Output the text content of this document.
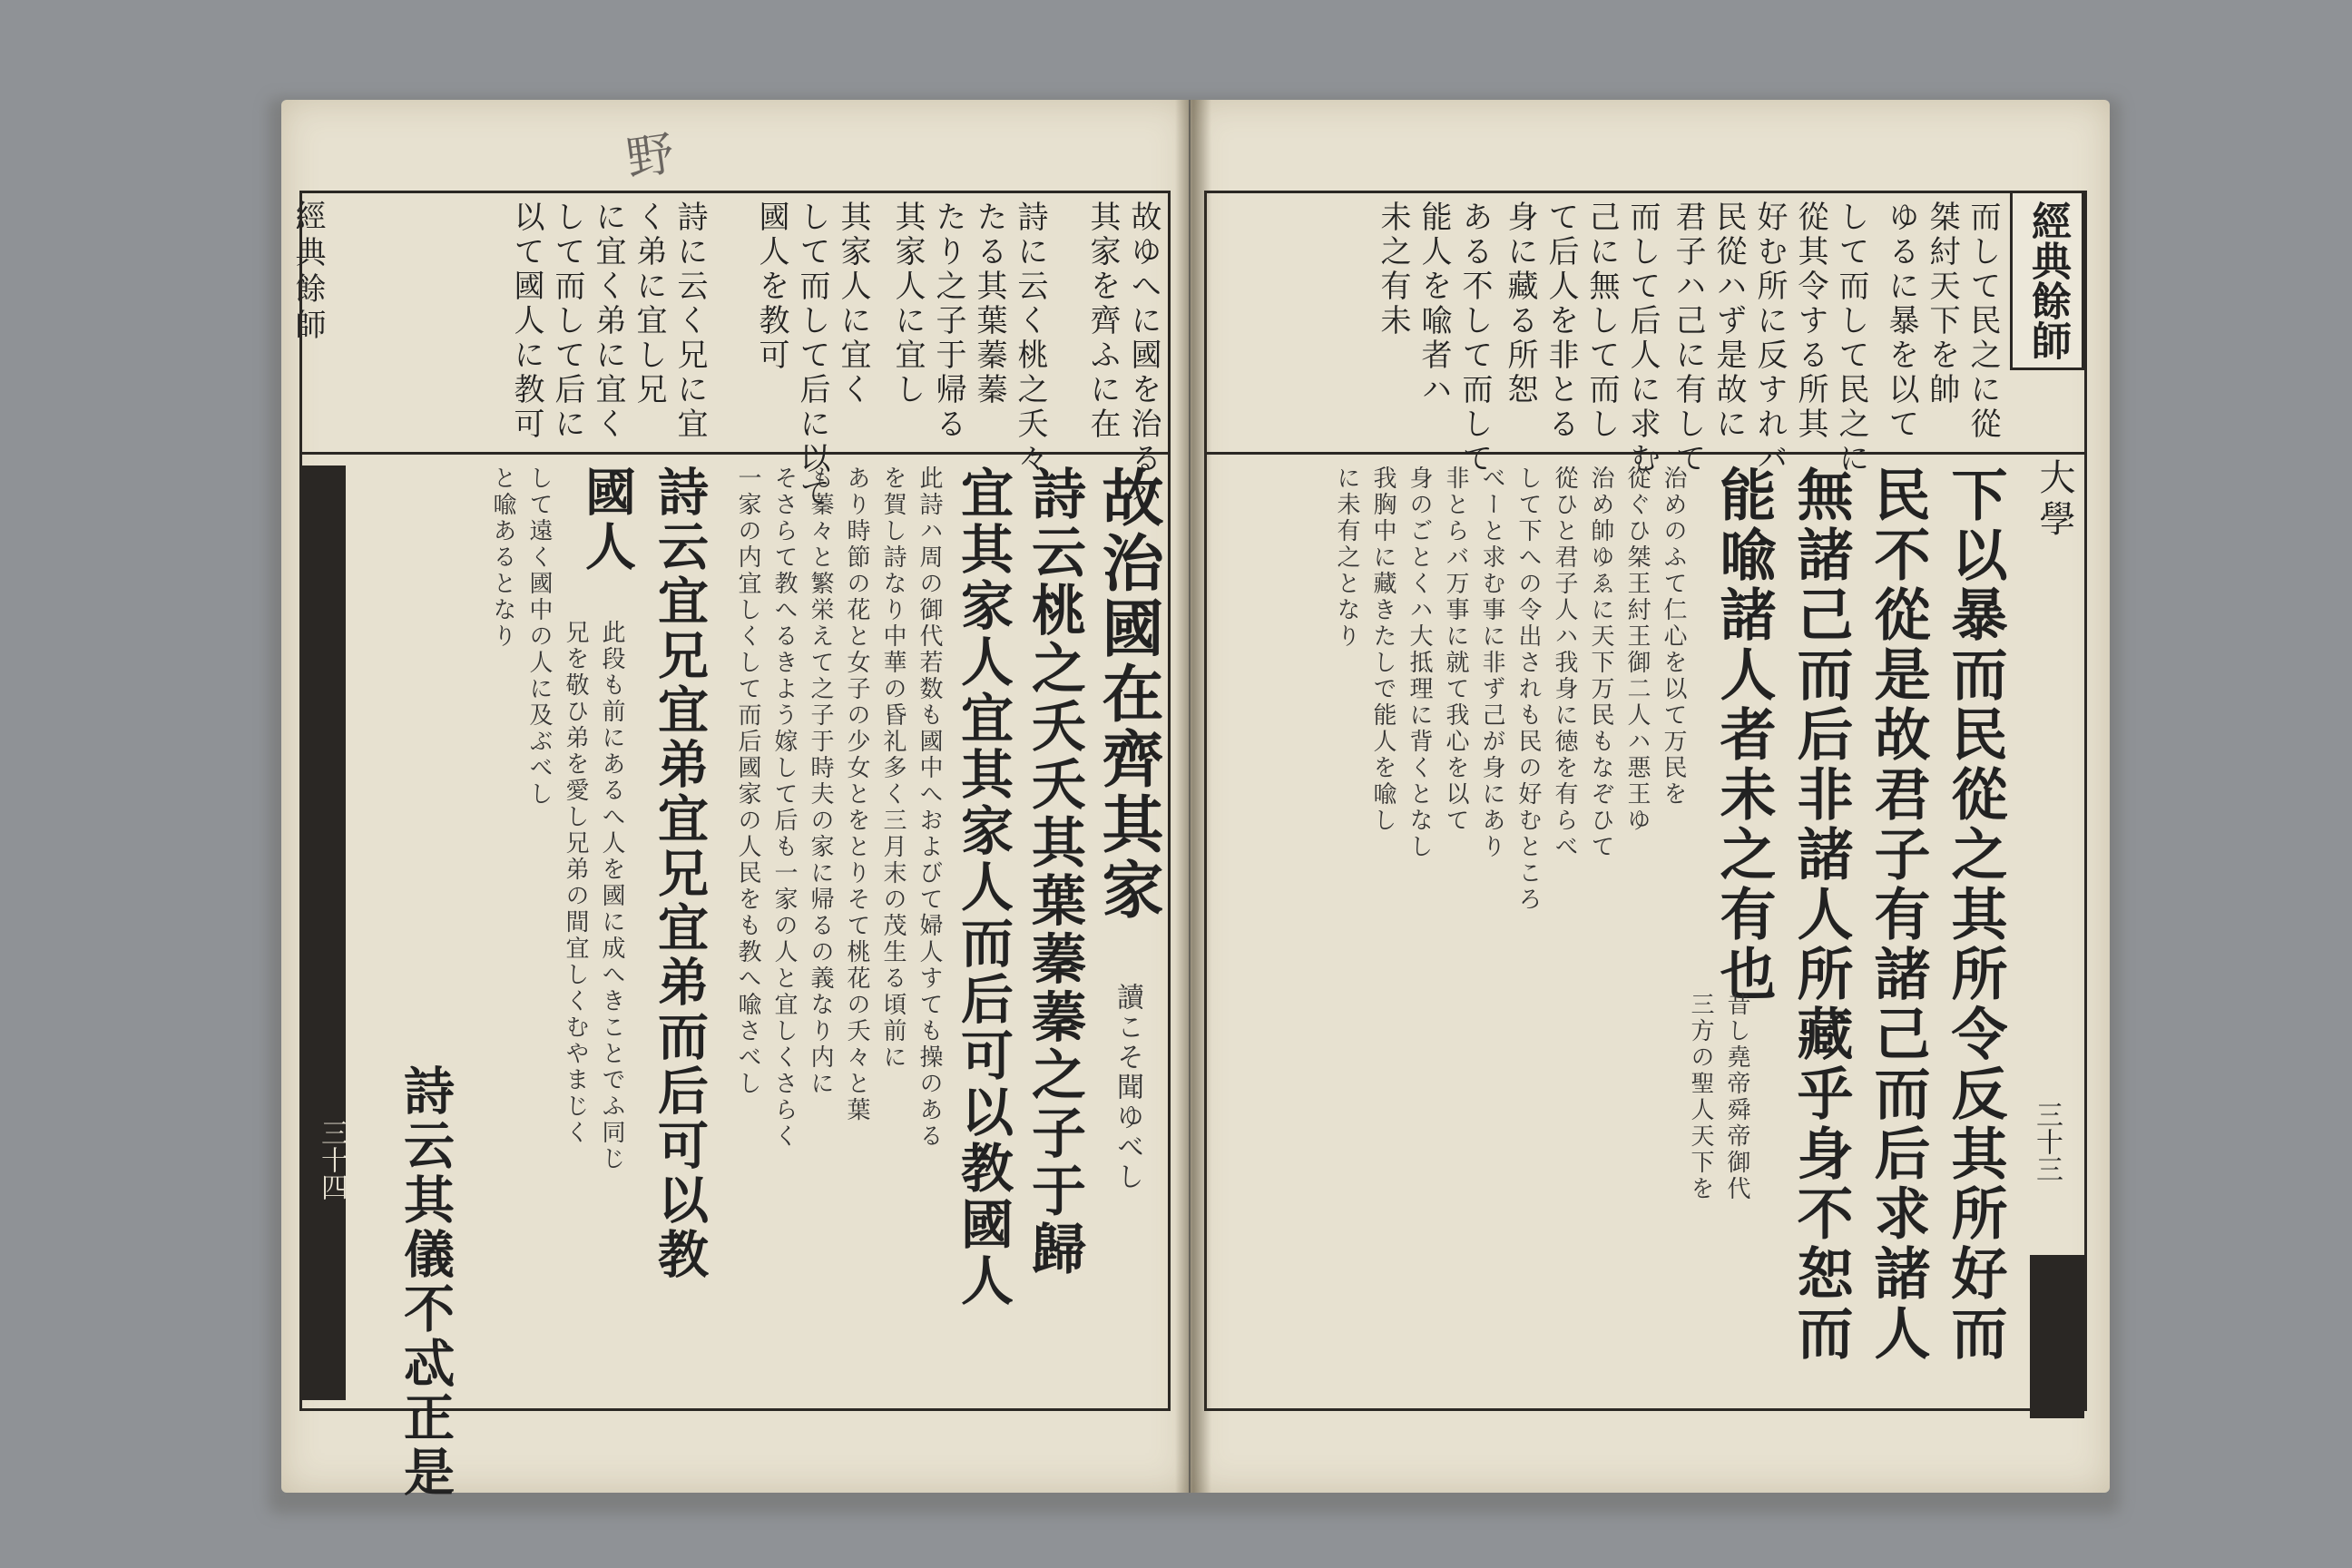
野
經典餘師	故ゆへに國を治るハ
其家を齊ふに在
詩に云く桃之夭々
たる其葉蓁蓁
たり之子于帰る
其家人に宜し
其家人に宜く
して而して后に以て
國人を教可
詩に云く兄に宜
く弟に宜し兄
に宜く弟に宜く
して而して后に
以て國人に教可
故治國在齊其家
讀こそ聞ゆべし
詩云桃之夭夭其葉蓁蓁之子于歸
宜其家人宜其家人而后可以教國人
此詩ハ周の御代若数も國中へおよびて婦人すても操のある
を賀し詩なり中華の昏礼多く三月末の茂生る頃前に
あり時節の花と女子の少女とをとりそて桃花の夭々と葉
も蓁々と繁栄えて之子于時夫の家に帰るの義なり内に
そさらて教へるきよう嫁して后も一家の人と宜しくさらく
一家の内宜しくして而后國家の人民をも教へ喩さべし
詩云宜兄宜弟宜兄宜弟而后可以教
國人
此段も前にあるへ人を國に成へきことでふ同じ
兄を敬ひ弟を愛し兄弟の間宜しくむやまじく
して遠く國中の人に及ぶべし
と喩あるとなり
詩云其儀不忒正是
三十四
而して民之に從
桀紂天下を帥
ゆるに暴を以て
して而して民之に
從其令する所其
好む所に反すれバ
民從ハず是故に
君子ハ己に有して
而して后人に求む
己に無して而し
て后人を非とる
身に藏る所恕
ある不して而して
能人を喩者ハ
未之有未
下以暴而民從之其所令反其所好而
民不從是故君子有諸己而后求諸人
無諸己而后非諸人所藏乎身不恕而
能喩諸人者未之有也
昔し堯帝舜帝御代
三方の聖人天下を
治めのふて仁心を以て万民を
從ぐひ桀王紂王御二人ハ悪王ゆ
治め帥ゆゑに天下万民もなぞひて
從ひと君子人ハ我身に徳を有らべ
して下への令出されも民の好むところ
べーと求む事に非ず己が身にあり
非とらバ万事に就て我心を以て
身のごとくハ大抵理に背くとなし
我胸中に藏きたしで能人を喩し
に未有之となり
三十三
經典餘師
大學
